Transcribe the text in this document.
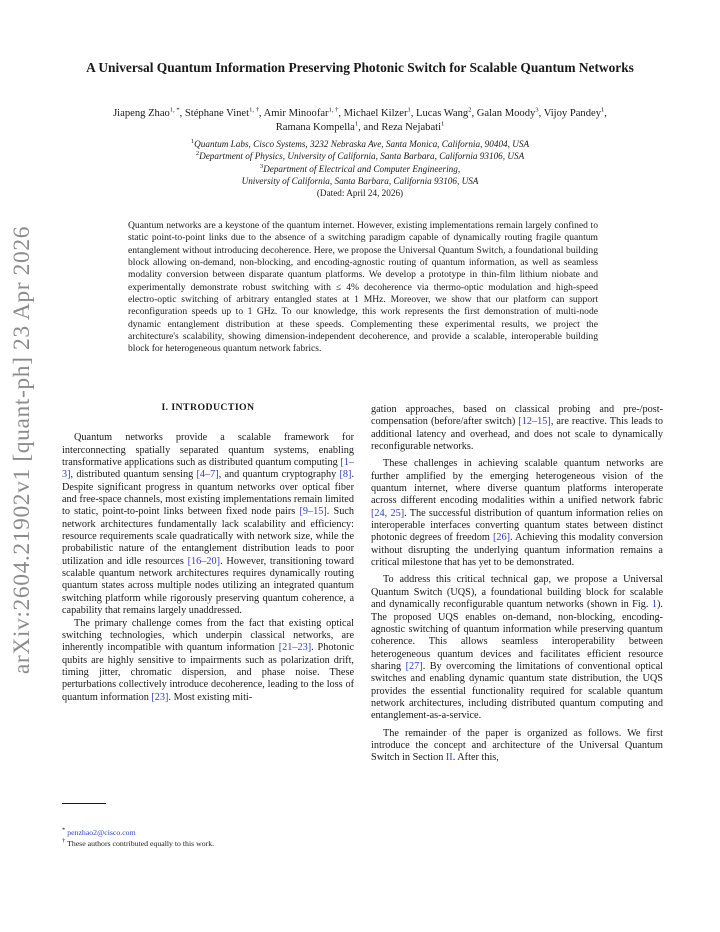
arXiv:2604.21902v1 [quant-ph] 23 Apr 2026
A Universal Quantum Information Preserving Photonic Switch for Scalable Quantum Networks
Jiapeng Zhao$^{1, *}$, Stéphane Vinet$^{1, \dagger}$, Amir Minoofar$^{1, \dagger}$, Michael Kilzer$^1$, Lucas Wang$^2$, Galan Moody$^3$, Vijoy Pandey$^1$, Ramana Kompella$^1$, and Reza Nejabati$^1$
$^1$Quantum Labs, Cisco Systems, 3232 Nebraska Ave, Santa Monica, California, 90404, USA
$^2$Department of Physics, University of California, Santa Barbara, California 93106, USA
$^3$Department of Electrical and Computer Engineering,
University of California, Santa Barbara, California 93106, USA
(Dated: April 24, 2026)
Quantum networks are a keystone of the quantum internet. However, existing implementations remain largely confined to static point-to-point links due to the absence of a switching paradigm capable of dynamically routing fragile quantum entanglement without introducing decoherence. Here, we propose the Universal Quantum Switch, a foundational building block allowing on-demand, non-blocking, and encoding-agnostic routing of quantum information, as well as seamless modality conversion between disparate quantum platforms. We develop a prototype in thin-film lithium niobate and experimentally demonstrate robust switching with ≤ 4% decoherence via thermo-optic modulation and high-speed electro-optic switching of arbitrary entangled states at 1 MHz. Moreover, we show that our platform can support reconfiguration speeds up to 1 GHz. To our knowledge, this work represents the first demonstration of multi-node dynamic entanglement distribution at these speeds. Complementing these experimental results, we project the architecture's scalability, showing dimension-independent decoherence, and provide a scalable, interoperable building block for heterogeneous quantum network fabrics.
I. INTRODUCTION

Quantum networks provide a scalable framework for interconnecting spatially separated quantum systems, enabling transformative applications such as distributed quantum computing [1–3], distributed quantum sensing [4–7], and quantum cryptography [8]. Despite significant progress in quantum networks over optical fiber and free-space channels, most existing implementations remain limited to static, point-to-point links between fixed node pairs [9–15]. Such network architectures fundamentally lack scalability and efficiency: resource requirements scale quadratically with network size, while the probabilistic nature of the entanglement distribution leads to poor utilization and idle resources [16–20]. However, transitioning toward scalable quantum network architectures requires dynamically routing quantum states across multiple nodes utilizing an integrated quantum switching platform while rigorously preserving quantum coherence, a capability that remains largely unaddressed.

The primary challenge comes from the fact that existing optical switching technologies, which underpin classical networks, are inherently incompatible with quantum information [21–23]. Photonic qubits are highly sensitive to impairments such as polarization drift, timing jitter, chromatic dispersion, and phase noise. These perturbations collectively introduce decoherence, leading to the loss of quantum information [23]. Most existing miti-

gation approaches, based on classical probing and pre-/post-compensation (before/after switch) [12–15], are reactive. This leads to additional latency and overhead, and does not scale to dynamically reconfigurable networks.

These challenges in achieving scalable quantum networks are further amplified by the emerging heterogeneous vision of the quantum internet, where diverse quantum platforms interoperate across different encoding modalities within a unified network fabric [24, 25]. The successful distribution of quantum information relies on interoperable interfaces converting quantum states between distinct photonic degrees of freedom [26]. Achieving this modality conversion without disrupting the underlying quantum information remains a critical milestone that has yet to be demonstrated.

To address this critical technical gap, we propose a Universal Quantum Switch (UQS), a foundational building block for scalable and dynamically reconfigurable quantum networks (shown in Fig. 1). The proposed UQS enables on-demand, non-blocking, encoding-agnostic switching of quantum information while preserving quantum coherence. This allows seamless interoperability between heterogeneous quantum devices and facilitates efficient resource sharing [27]. By overcoming the limitations of conventional optical switches and enabling dynamic quantum state distribution, the UQS provides the essential functionality required for scalable quantum network architectures, including distributed quantum computing and entanglement-as-a-service.

The remainder of the paper is organized as follows. We first introduce the concept and architecture of the Universal Quantum Switch in Section II. After this,

* penzhao2@cisco.com
† These authors contributed equally to this work.
